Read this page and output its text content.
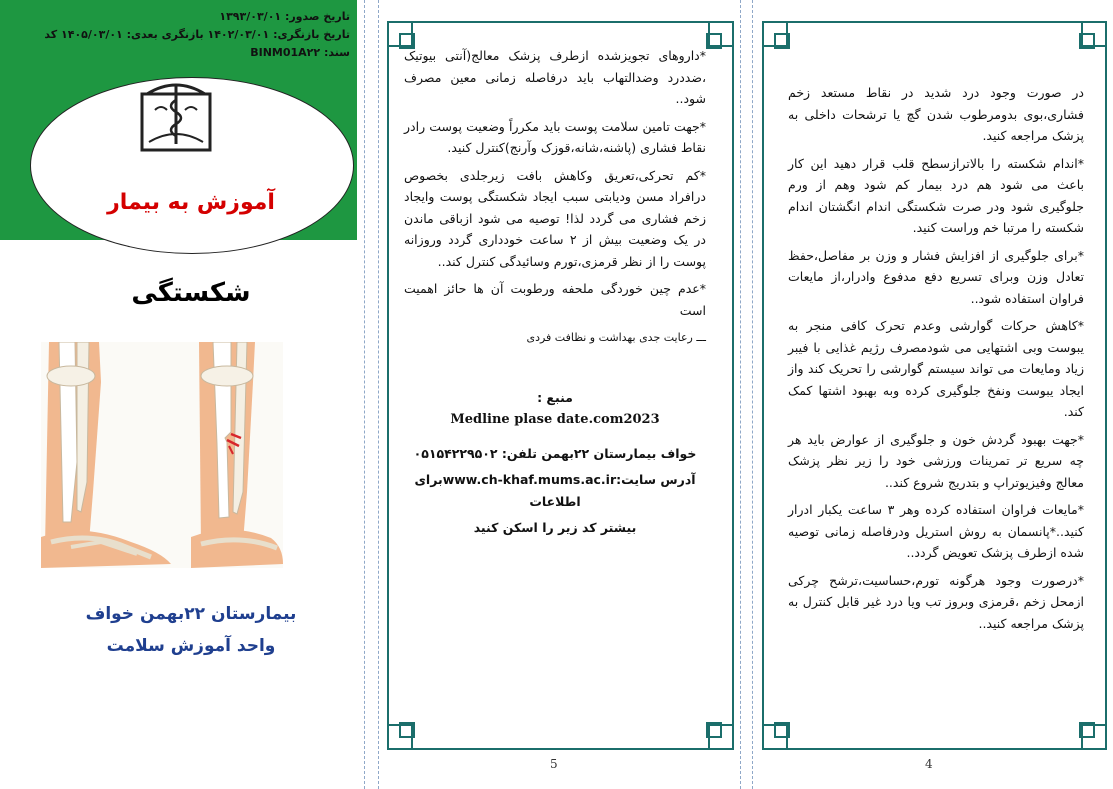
تاریخ صدور: ۱۳۹۳/۰۳/۰۱
تاریخ بازنگری: ۱۴۰۲/۰۳/۰۱ بازنگری بعدی: ۱۴۰۵/۰۳/۰۱ کد
سند: BINM01A۲۲
آموزش به بیمار
شکستگی
بیمارستان ۲۲بهمن خواف
واحد آموزش سلامت

*داروهای تجویزشده ازطرف پزشک معالج(آنتی بیوتیک ،ضددرد وضدالتهاب باید درفاصله زمانی معین مصرف شود..

*جهت تامین سلامت پوست باید مکرراً وضعیت پوست رادر نقاط فشاری (پاشنه،شانه،قوزک وآرنج)کنترل کنید.

*کم تحرکی،تعریق وکاهش بافت زیرجلدی بخصوص درافراد مسن ودیابتی سبب ایجاد شکستگی پوست وایجاد زخم فشاری می گردد لذا! توصیه می شود ازباقی ماندن در یک وضعیت بیش از ۲ ساعت خودداری گردد وروزانه پوست را از نظر قرمزی،تورم وسائیدگی کنترل کند..

*عدم چین خوردگی ملحفه ورطوبت آن ها حائز اهمیت است

ـــ رعایت جدی بهداشت و نظافت فردی

منبع :
Medline plase date.com2023
خواف بیمارستان ۲۲بهمن تلفن: ۰۵۱۵۴۲۲۹۵۰۲
آدرس سایت:www.ch-khaf.mums.ac.irبرای اطلاعات
بیشتر کد زیر را اسکن کنید
5

در صورت وجود درد شدید در نقاط مستعد زخم فشاری،بوی بدومرطوب شدن گچ یا ترشحات داخلی به پزشک مراجعه کنید.

*اندام شکسته را بالاترازسطح قلب قرار دهید این کار باعث می شود هم درد بیمار کم شود وهم از ورم جلوگیری شود ودر صرت شکستگی اندام انگشتان اندام شکسته را مرتبا خم وراست کنید.

*برای جلوگیری از افزایش فشار و وزن بر مفاصل،حفظ تعادل وزن وبرای تسریع دفع مدفوع وادرار،از مایعات فراوان استفاده شود..

*کاهش حرکات گوارشی وعدم تحرک کافی منجر به یبوست وبی اشتهایی می شودمصرف رژیم غذایی با فیبر زیاد ومایعات می تواند سیستم گوارشی را تحریک کند واز ایجاد یبوست ونفخ جلوگیری کرده وبه بهبود اشتها کمک کند.

*جهت بهبود گردش خون و جلوگیری از عوارض باید هر چه سریع تر تمرینات ورزشی خود را زیر نظر پزشک معالج وفیزیوتراپ و بتدریج شروع کند..

*مایعات فراوان استفاده کرده وهر ۳ ساعت یکبار ادرار کنید..*پانسمان به روش استریل ودرفاصله زمانی توصیه شده ازطرف پزشک تعویض گردد..

*درصورت وجود هرگونه تورم،حساسیت،ترشح چرکی ازمحل زخم ،قرمزی وبروز تب ویا درد غیر قابل کنترل به پزشک مراجعه کنید..

4
